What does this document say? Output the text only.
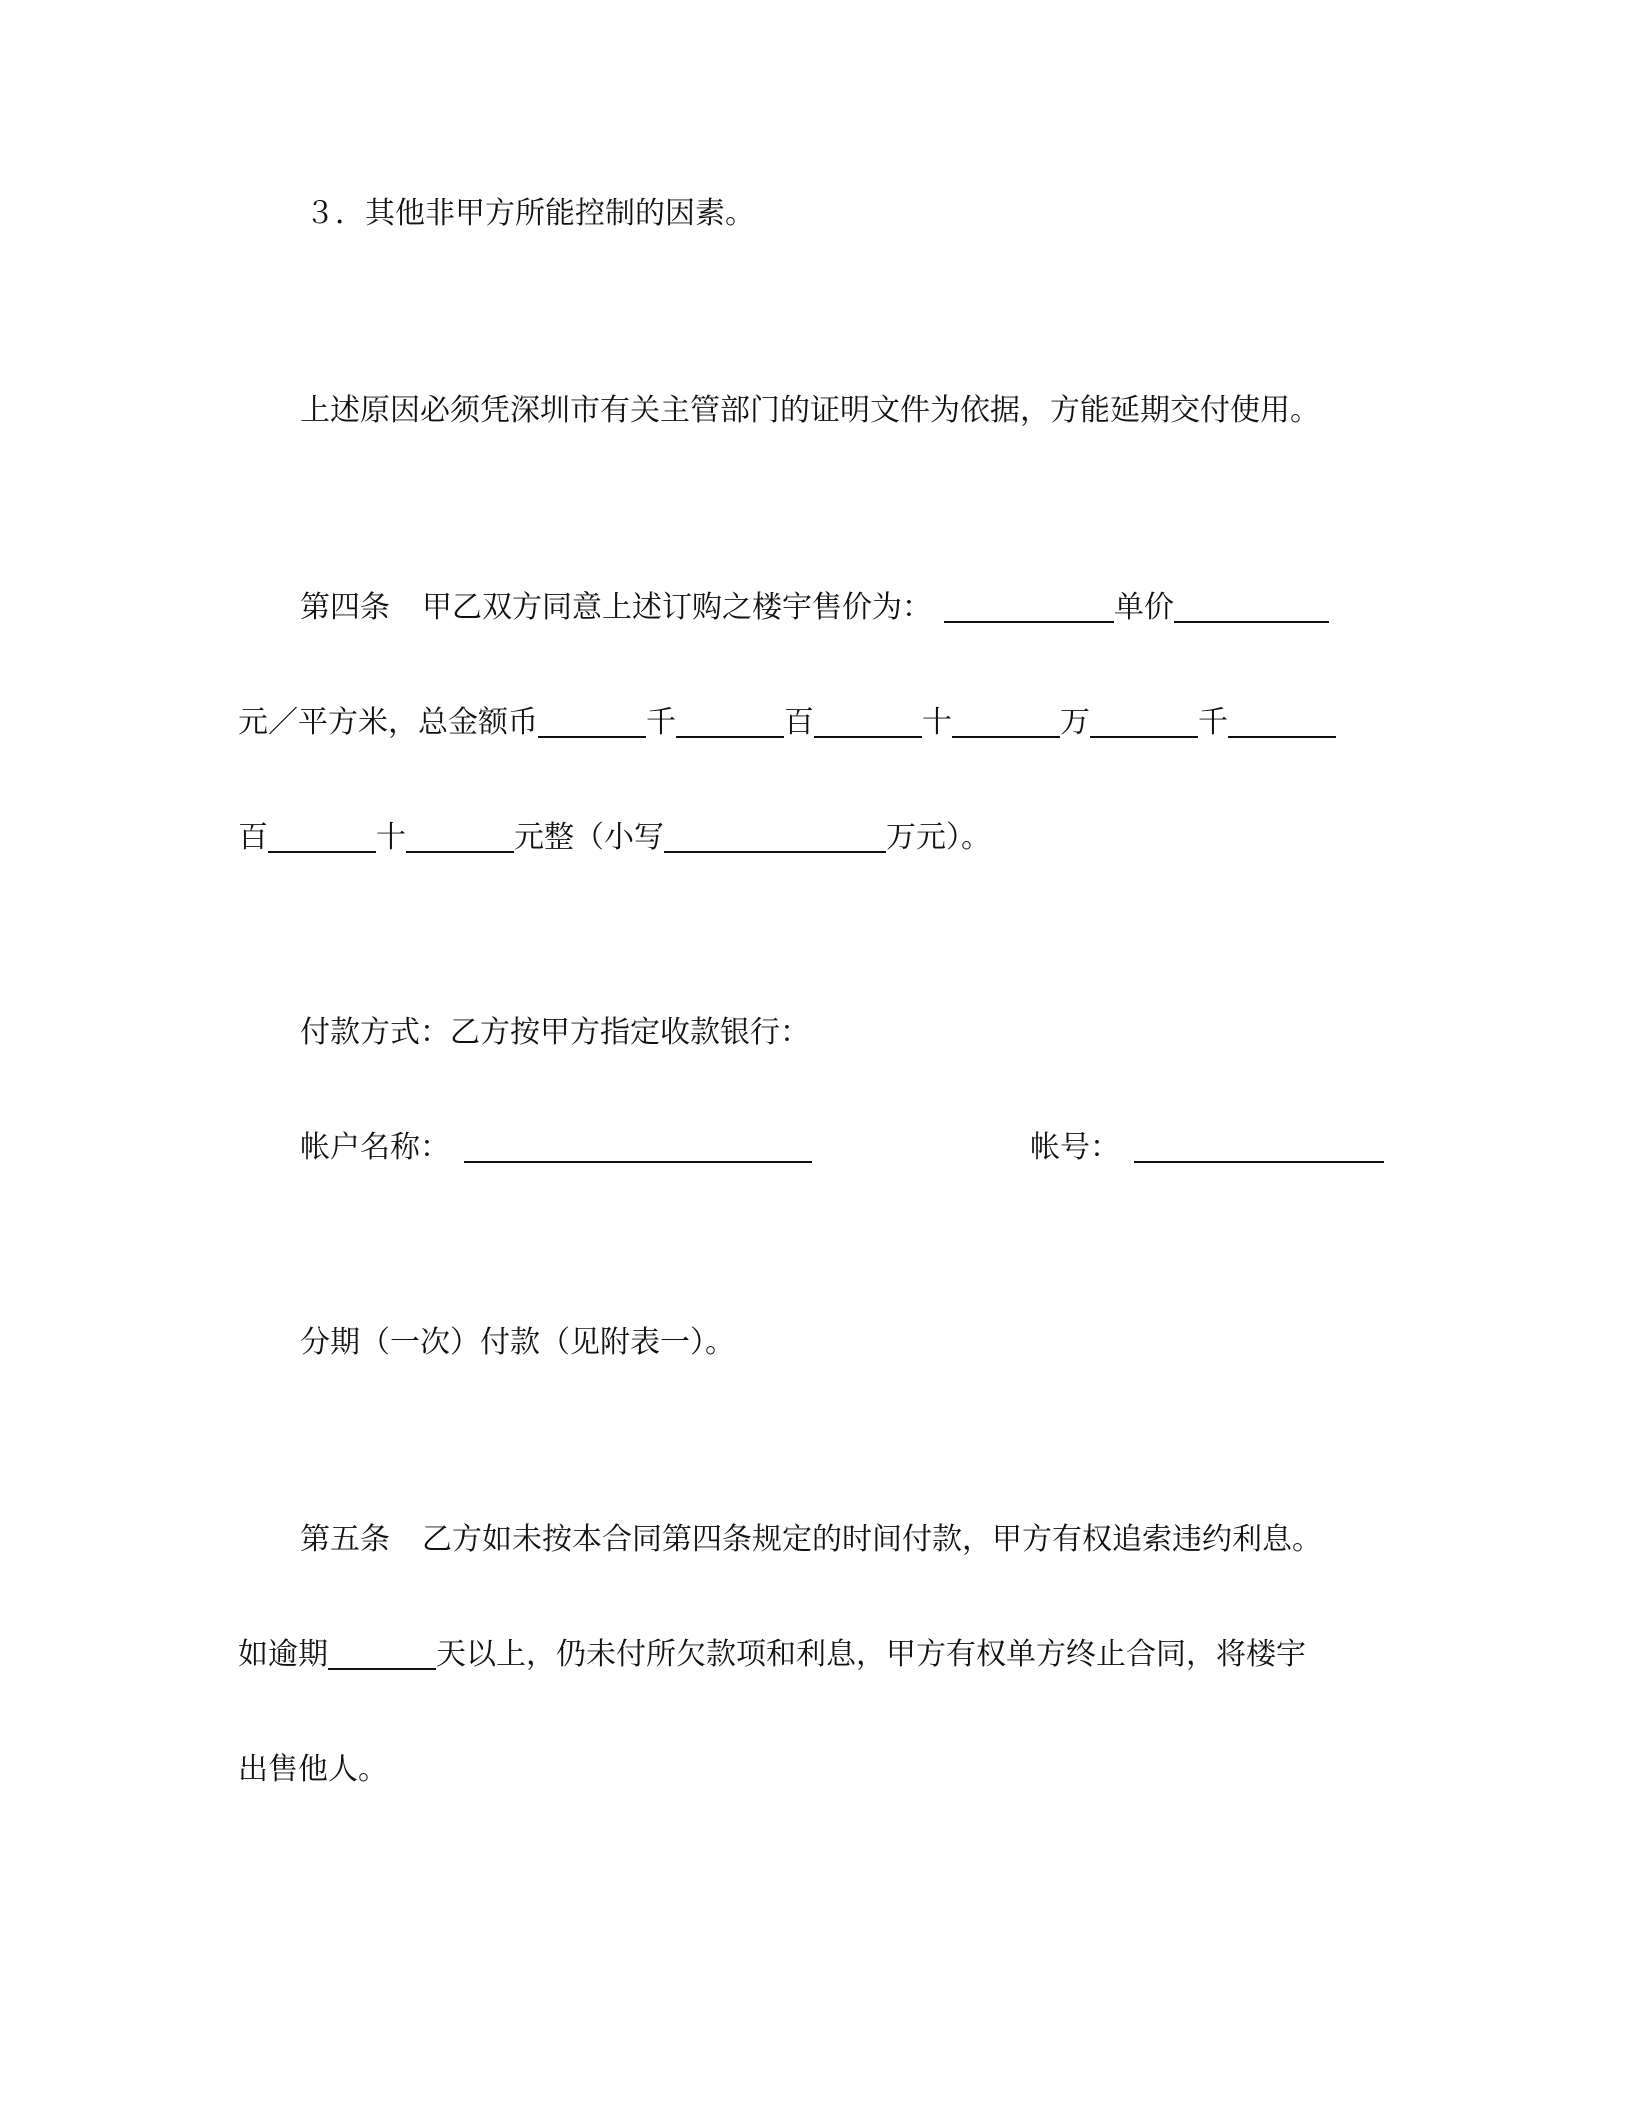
３．其他非甲方所能控制的因素。
上述原因必须凭深圳市有关主管部门的证明文件为依据，方能延期交付使用。
第四条 甲乙双方同意上述订购之楼宇售价为：	单价
元／平方米，总金额币	千	百	十	万	千
百	十	元整（小写	万元）。
付款方式：乙方按甲方指定收款银行：
帐户名称：	帐号：
分期（一次）付款（见附表一）。
第五条 乙方如未按本合同第四条规定的时间付款，甲方有权追索违约利息。
如逾期	天以上，仍未付所欠款项和利息，甲方有权单方终止合同，将楼宇
出售他人。
